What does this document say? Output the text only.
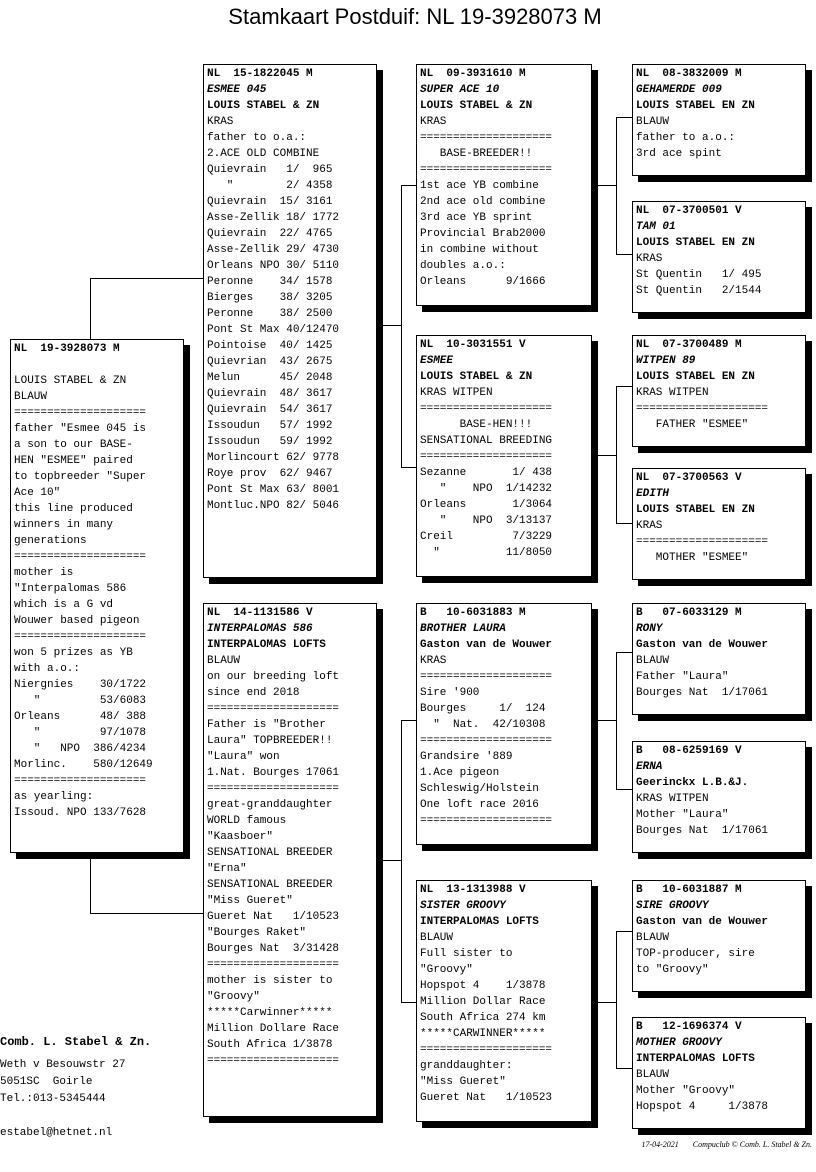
Stamkaart Postduif: NL 19-3928073 M
NL  19-3928073 M
LOUIS STABEL & ZN
BLAUW
====================
father "Esmee 045 is
a son to our BASE-
HEN "ESMEE" paired
to topbreeder "Super
Ace 10"
this line produced
winners in many
generations
====================
mother is
"Interpalomas 586
which is a G vd
Wouwer based pigeon
====================
won 5 prizes as YB
with a.o.:
Niergnies    30/1722
"         53/6083
Orleans      48/ 388
"         97/1078
"   NPO  386/4234
Morlinc.    580/12649
====================
as yearling:
Issoud. NPO 133/7628
NL  15-1822045 M
ESMEE 045
LOUIS STABEL & ZN
KRAS
father to o.a.:
2.ACE OLD COMBINE
Quievrain   1/  965
"        2/ 4358
Quievrain  15/ 3161
Asse-Zellik 18/ 1772
Quievrain  22/ 4765
Asse-Zellik 29/ 4730
Orleans NPO 30/ 5110
Peronne    34/ 1578
Bierges    38/ 3205
Peronne    38/ 2500
Pont St Max 40/12470
Pointoise  40/ 1425
Quievrian  43/ 2675
Melun      45/ 2048
Quievrain  48/ 3617
Quievrain  54/ 3617
Issoudun   57/ 1992
Issoudun   59/ 1992
Morlincourt 62/ 9778
Roye prov  62/ 9467
Pont St Max 63/ 8001
Montluc.NPO 82/ 5046
NL  14-1131586 V
INTERPALOMAS 586
INTERPALOMAS LOFTS
BLAUW
on our breeding loft
since end 2018
====================
Father is "Brother
Laura" TOPBREEDER!!
"Laura" won
1.Nat. Bourges 17061
====================
great-granddaughter
WORLD famous
"Kaasboer"
SENSATIONAL BREEDER
"Erna"
SENSATIONAL BREEDER
"Miss Gueret"
Gueret Nat   1/10523
"Bourges Raket"
Bourges Nat  3/31428
====================
mother is sister to
"Groovy"
*****Carwinner*****
Million Dollare Race
South Africa 1/3878
====================
NL  09-3931610 M
SUPER ACE 10
LOUIS STABEL & ZN
KRAS
====================
BASE-BREEDER!!
====================
1st ace YB combine
2nd ace old combine
3rd ace YB sprint
Provincial Brab2000
in combine without
doubles a.o.:
Orleans      9/1666
NL  10-3031551 V
ESMEE
LOUIS STABEL & ZN
KRAS WITPEN
====================
BASE-HEN!!!
SENSATIONAL BREEDING
====================
Sezanne       1/ 438
"    NPO  1/14232
Orleans       1/3064
"    NPO  3/13137
Creil         7/3229
"          11/8050
B   10-6031883 M
BROTHER LAURA
Gaston van de Wouwer
KRAS
====================
Sire '900
Bourges     1/  124
"  Nat.  42/10308
====================
Grandsire '889
1.Ace pigeon
Schleswig/Holstein
One loft race 2016
====================
NL  13-1313988 V
SISTER GROOVY
INTERPALOMAS LOFTS
BLAUW
Full sister to
"Groovy"
Hopspot 4    1/3878
Million Dollar Race
South Africa 274 km
*****CARWINNER*****
====================
granddaughter:
"Miss Gueret"
Gueret Nat   1/10523
NL  08-3832009 M
GEHAMERDE 009
LOUIS STABEL EN ZN
BLAUW
father to a.o.:
3rd ace spint
NL  07-3700501 V
TAM 01
LOUIS STABEL EN ZN
KRAS
St Quentin   1/ 495
St Quentin   2/1544
NL  07-3700489 M
WITPEN 89
LOUIS STABEL EN ZN
KRAS WITPEN
====================
FATHER "ESMEE"
NL  07-3700563 V
EDITH
LOUIS STABEL EN ZN
KRAS
====================
MOTHER "ESMEE"
B   07-6033129 M
RONY
Gaston van de Wouwer
BLAUW
Father "Laura"
Bourges Nat  1/17061
B   08-6259169 V
ERNA
Geerinckx L.B.&J.
KRAS WITPEN
Mother "Laura"
Bourges Nat  1/17061
B   10-6031887 M
SIRE GROOVY
Gaston van de Wouwer
BLAUW
TOP-producer, sire
to "Groovy"
B   12-1696374 V
MOTHER GROOVY
INTERPALOMAS LOFTS
BLAUW
Mother "Groovy"
Hopspot 4     1/3878
Comb. L. Stabel & Zn.
Weth v Besouwstr 27
5051SC  Goirle
Tel.:013-5345444
estabel@hetnet.nl
17-04-2021 Compuclub © Comb. L. Stabel & Zn.
